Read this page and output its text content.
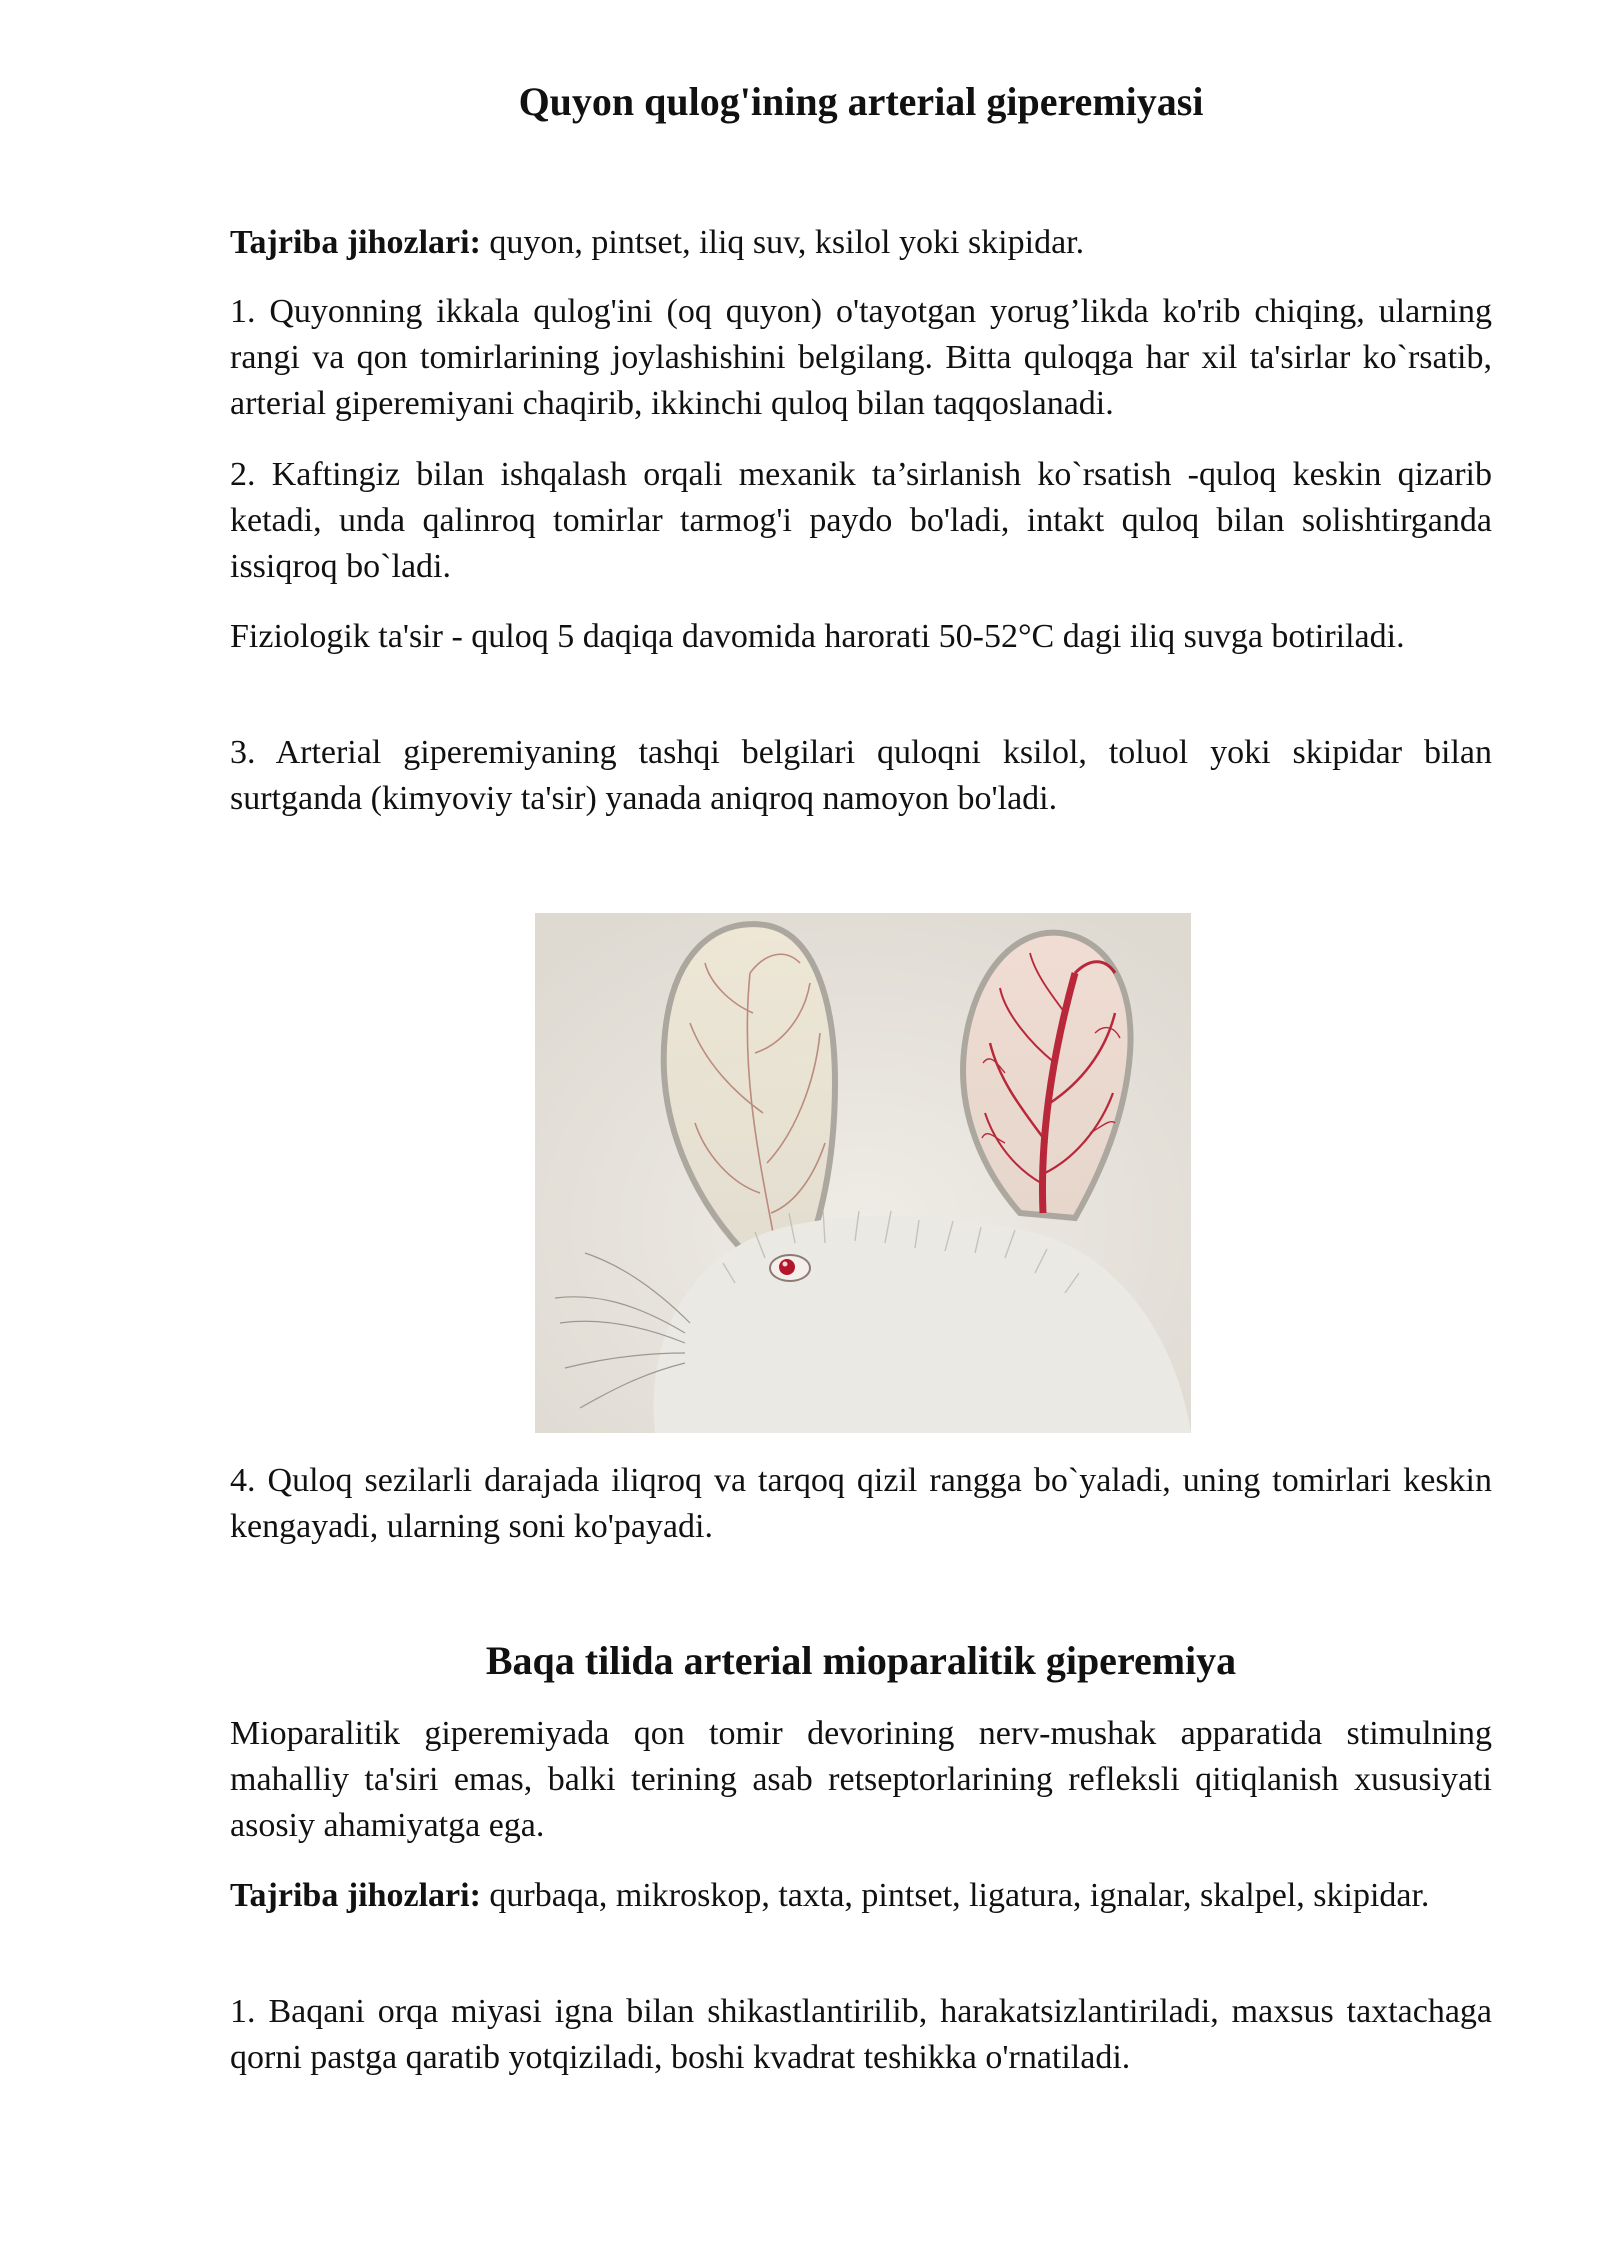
Quyon qulog'ining arterial giperemiyasi

Tajriba jihozlari: quyon, pintset, iliq suv, ksilol yoki skipidar.

1. Quyonning ikkala qulog'ini (oq quyon) o'tayotgan yorug’likda ko'rib chiqing, ularning rangi va qon tomirlarining joylashishini belgilang. Bitta quloqga har xil ta'sirlar ko`rsatib, arterial giperemiyani chaqirib, ikkinchi quloq bilan taqqoslanadi.

2. Kaftingiz bilan ishqalash orqali mexanik ta’sirlanish ko`rsatish -quloq keskin qizarib ketadi, unda qalinroq tomirlar tarmog'i paydo bo'ladi, intakt quloq bilan solishtirganda issiqroq bo`ladi.

Fiziologik ta'sir - quloq 5 daqiqa davomida harorati 50-52°C dagi iliq suvga botiriladi.

3. Arterial giperemiyaning tashqi belgilari quloqni ksilol, toluol yoki skipidar bilan surtganda (kimyoviy ta'sir) yanada aniqroq namoyon bo'ladi.

4. Quloq sezilarli darajada iliqroq va tarqoq qizil rangga bo`yaladi, uning tomirlari keskin kengayadi, ularning soni ko'payadi.

Baqa tilida arterial mioparalitik giperemiya

Mioparalitik giperemiyada qon tomir devorining nerv-mushak apparatida stimulning mahalliy ta'siri emas, balki terining asab retseptorlarining refleksli qitiqlanish xususiyati asosiy ahamiyatga ega.

Tajriba jihozlari: qurbaqa, mikroskop, taxta, pintset, ligatura, ignalar, skalpel, skipidar.

1. Baqani orqa miyasi igna bilan shikastlantirilib, harakatsizlantiriladi, maxsus taxtachaga qorni pastga qaratib yotqiziladi, boshi kvadrat teshikka o'rnatiladi.
